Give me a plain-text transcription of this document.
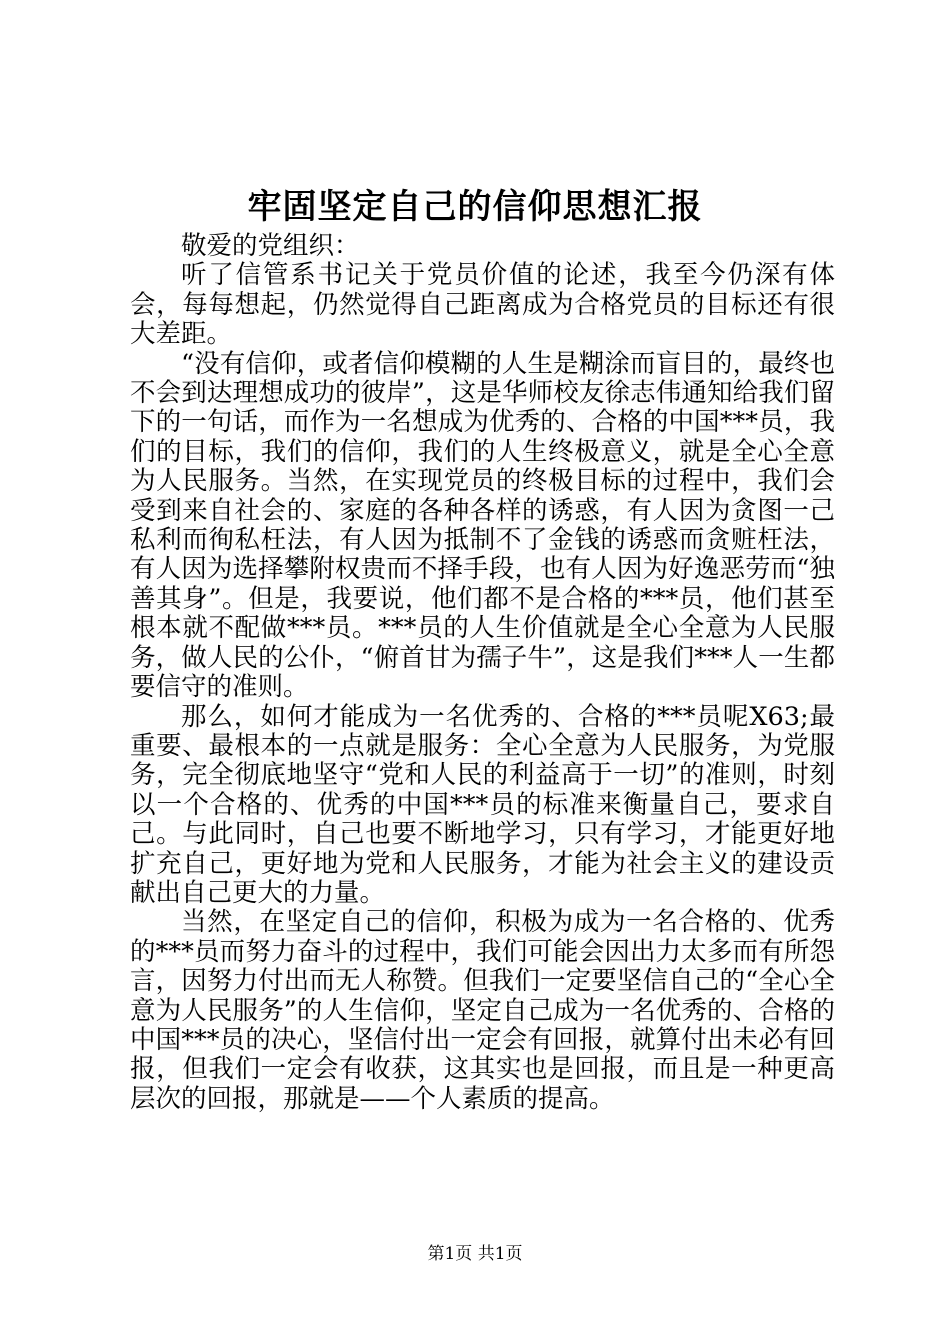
牢固坚定自己的信仰思想汇报

敬爱的党组织：

听了信管系书记关于党员价值的论述，我至今仍深有体会，每每想起，仍然觉得自己距离成为合格党员的目标还有很大差距。

“没有信仰，或者信仰模糊的人生是糊涂而盲目的，最终也不会到达理想成功的彼岸”，这是华师校友徐志伟通知给我们留下的一句话，而作为一名想成为优秀的、合格的中国***员，我们的目标，我们的信仰，我们的人生终极意义，就是全心全意为人民服务。当然，在实现党员的终极目标的过程中，我们会受到来自社会的、家庭的各种各样的诱惑，有人因为贪图一己私利而徇私枉法，有人因为抵制不了金钱的诱惑而贪赃枉法，有人因为选择攀附权贵而不择手段，也有人因为好逸恶劳而“独善其身”。但是，我要说，他们都不是合格的***员，他们甚至根本就不配做***员。***员的人生价值就是全心全意为人民服务，做人民的公仆，“俯首甘为孺子牛”，这是我们***人一生都要信守的准则。

那么，如何才能成为一名优秀的、合格的***员呢X63;最重要、最根本的一点就是服务：全心全意为人民服务，为党服务，完全彻底地坚守“党和人民的利益高于一切”的准则，时刻以一个合格的、优秀的中国***员的标准来衡量自己，要求自己。与此同时，自己也要不断地学习，只有学习，才能更好地扩充自己，更好地为党和人民服务，才能为社会主义的建设贡献出自己更大的力量。

当然，在坚定自己的信仰，积极为成为一名合格的、优秀的***员而努力奋斗的过程中，我们可能会因出力太多而有所怨言，因努力付出而无人称赞。但我们一定要坚信自己的“全心全意为人民服务”的人生信仰，坚定自己成为一名优秀的、合格的中国***员的决心，坚信付出一定会有回报，就算付出未必有回报，但我们一定会有收获，这其实也是回报，而且是一种更高层次的回报，那就是——个人素质的提高。

第1页 共1页
